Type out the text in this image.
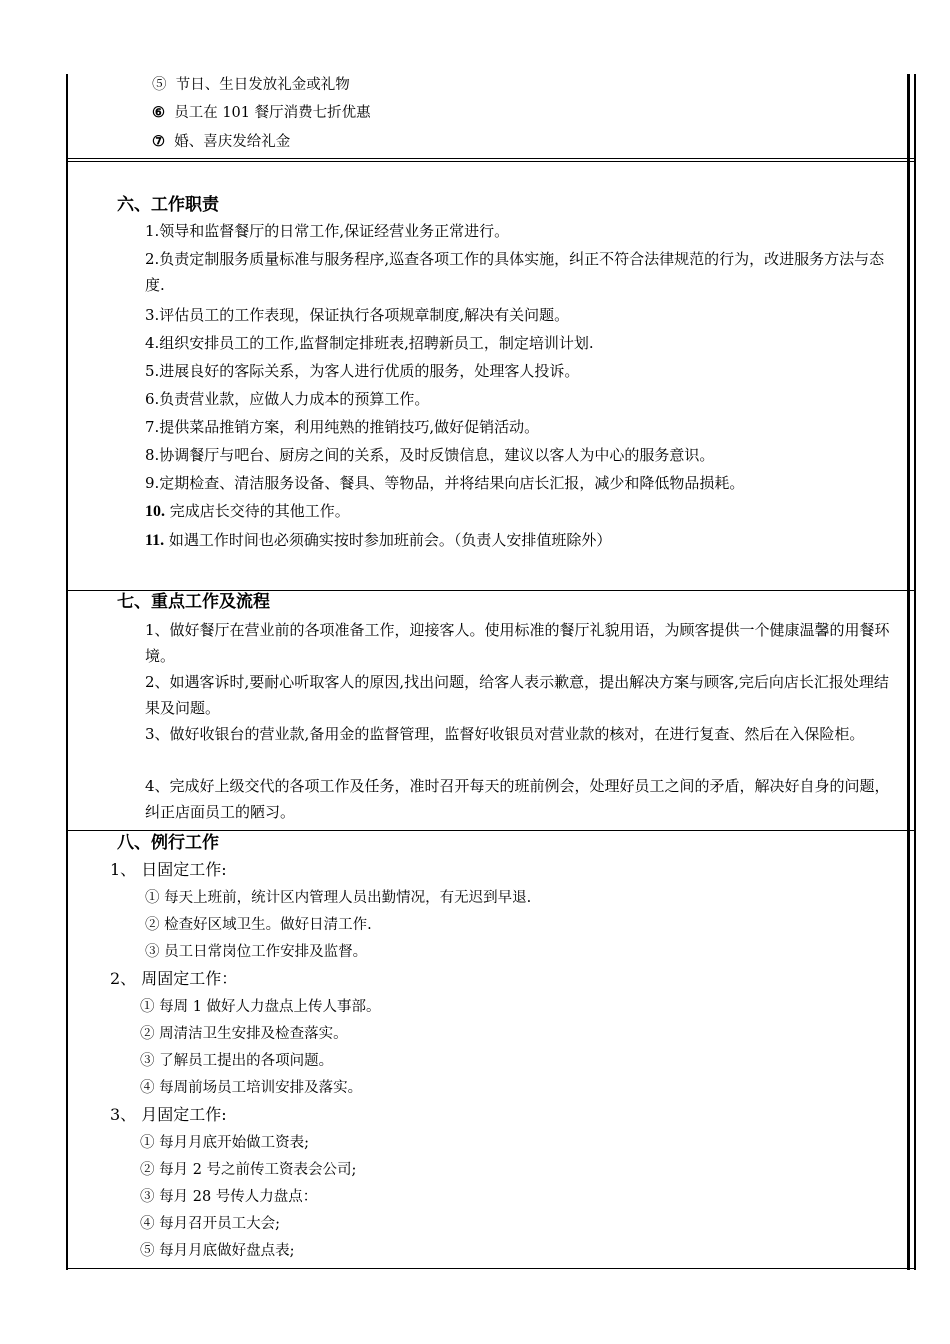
⑤ 节日、生日发放礼金或礼物
⑥ 员工在 101 餐厅消费七折优惠
⑦ 婚、喜庆发给礼金
六、工作职责
1.领导和监督餐厅的日常工作,保证经营业务正常进行。
2.负责定制服务质量标准与服务程序,巡查各项工作的具体实施，纠正不符合法律规范的行为，改进服务方法与态度.
3.评估员工的工作表现，保证执行各项规章制度,解决有关问题。
4.组织安排员工的工作,监督制定排班表,招聘新员工，制定培训计划.
5.进展良好的客际关系，为客人进行优质的服务，处理客人投诉。
6.负责营业款，应做人力成本的预算工作。
7.提供菜品推销方案，利用纯熟的推销技巧,做好促销活动。
8.协调餐厅与吧台、厨房之间的关系，及时反馈信息，建议以客人为中心的服务意识。
9.定期检查、清洁服务设备、餐具、等物品，并将结果向店长汇报，减少和降低物品损耗。
10. 完成店长交待的其他工作。
11. 如遇工作时间也必须确实按时参加班前会。（负责人安排值班除外）
七、重点工作及流程
1、做好餐厅在营业前的各项准备工作，迎接客人。使用标准的餐厅礼貌用语，为顾客提供一个健康温馨的用餐环境。
2、如遇客诉时,要耐心听取客人的原因,找出问题，给客人表示歉意，提出解决方案与顾客,完后向店长汇报处理结果及问题。
3、做好收银台的营业款,备用金的监督管理，监督好收银员对营业款的核对，在进行复查、然后在入保险柜。
4、完成好上级交代的各项工作及任务，准时召开每天的班前例会，处理好员工之间的矛盾，解决好自身的问题，纠正店面员工的陋习。
八、例行工作
1、 日固定工作:
① 每天上班前，统计区内管理人员出勤情况，有无迟到早退.
② 检查好区域卫生。做好日清工作.
③ 员工日常岗位工作安排及监督。
2、 周固定工作：
① 每周 1 做好人力盘点上传人事部。
② 周清洁卫生安排及检查落实。
③ 了解员工提出的各项问题。
④ 每周前场员工培训安排及落实。
3、 月固定工作:
① 每月月底开始做工资表;
② 每月 2 号之前传工资表会公司;
③ 每月 28 号传人力盘点：
④ 每月召开员工大会;
⑤ 每月月底做好盘点表;
